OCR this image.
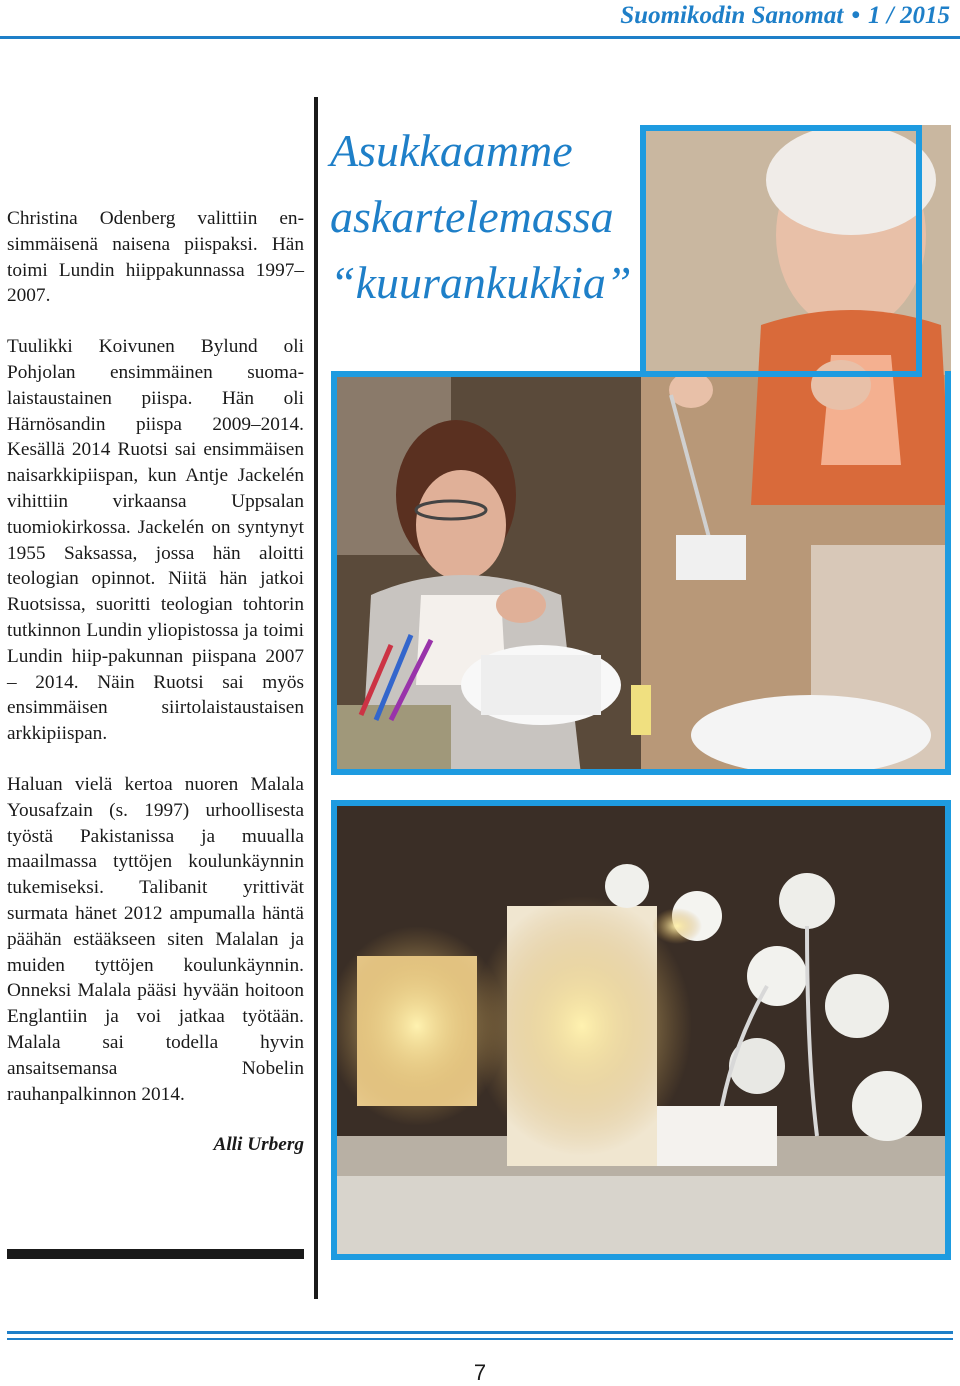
Suomikodin Sanomat • 1 / 2015

Christina Odenberg valittiin ensimmäisenä naisena piispaksi. Hän toimi Lundin hiippakunnassa 1997–2007.

Tuulikki Koivunen Bylund oli Pohjolan ensimmäinen suomalaistaustainen piispa. Hän oli Härnösandin piispa 2009–2014. Kesällä 2014 Ruotsi sai ensimmäisen naisarkkipiispan, kun Antje Jackelén vihittiin virkaansa Uppsalan tuomiokirkossa. Jackelén on syntynyt 1955 Saksassa, jossa hän aloitti teologian opinnot. Niitä hän jatkoi Ruotsissa, suoritti teologian tohtorin tutkinnon Lundin yliopistossa ja toimi Lundin hiip-pakunnan piispana 2007 – 2014. Näin Ruotsi sai myös ensimmäisen siirtolaistaustaisen arkkipiispan.

Haluan vielä kertoa nuoren Malala Yousafzain (s. 1997) urhoollisesta työstä Pakistanissa ja muualla maailmassa tyttöjen koulunkäynnin tukemiseksi. Talibanit yrittivät surmata hänet 2012 ampumalla häntä päähän estääkseen siten Malalan ja muiden tyttöjen koulunkäynnin. Onneksi Malala pääsi hyvään hoitoon Englantiin ja voi jatkaa työtään. Malala sai todella hyvin ansaitsemansa Nobelin rauhanpalkinnon 2014.

Alli Urberg

Asukkaamme
askartelemassa
“kuurankukkia”
7
